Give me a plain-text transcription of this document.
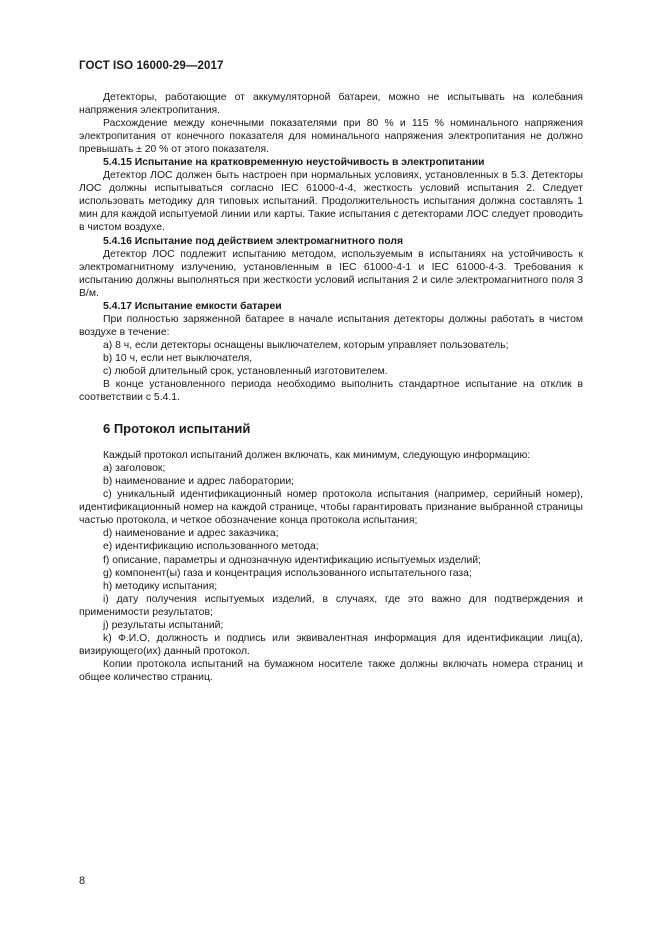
ГОСТ ISO 16000-29—2017

Детекторы, работающие от аккумуляторной батареи, можно не испытывать на колебания напряжения электропитания.

Расхождение между конечными показателями при 80 % и 115 % номинального напряжения электропитания от конечного показателя для номинального напряжения электропитания не должно превышать ± 20 % от этого показателя.

5.4.15 Испытание на кратковременную неустойчивость в электропитании

Детектор ЛОС должен быть настроен при нормальных условиях, установленных в 5.3. Детекторы ЛОС должны испытываться согласно IEC 61000-4-4, жесткость условий испытания 2. Следует использовать методику для типовых испытаний. Продолжительность испытания должна составлять 1 мин для каждой испытуемой линии или карты. Такие испытания с детекторами ЛОС следует проводить в чистом воздухе.

5.4.16 Испытание под действием электромагнитного поля

Детектор ЛОС подлежит испытанию методом, используемым в испытаниях на устойчивость к электромагнитному излучению, установленным в IEC 61000-4-1 и IEC 61000-4-3. Требования к испытанию должны выполняться при жесткости условий испытания 2 и силе электромагнитного поля 3 В/м.

5.4.17 Испытание емкости батареи

При полностью заряженной батарее в начале испытания детекторы должны работать в чистом воздухе в течение:

a) 8 ч, если детекторы оснащены выключателем, которым управляет пользователь;

b) 10 ч, если нет выключателя,

c) любой длительный срок, установленный изготовителем.

В конце установленного периода необходимо выполнить стандартное испытание на отклик в соответствии с 5.4.1.

6 Протокол испытаний

Каждый протокол испытаний должен включать, как минимум, следующую информацию:

a) заголовок;

b) наименование и адрес лаборатории;

c) уникальный идентификационный номер протокола испытания (например, серийный номер), идентификационный номер на каждой странице, чтобы гарантировать признание выбранной страницы частью протокола, и четкое обозначение конца протокола испытания;

d) наименование и адрес заказчика;

e) идентификацию использованного метода;

f) описание, параметры и однозначную идентификацию испытуемых изделий;

g) компонент(ы) газа и концентрация использованного испытательного газа;

h) методику испытания;

i) дату получения испытуемых изделий, в случаях, где это важно для подтверждения и применимости результатов;

j) результаты испытаний;

k) Ф.И.О, должность и подпись или эквивалентная информация для идентификации лиц(а), визирующего(их) данный протокол.

Копии протокола испытаний на бумажном носителе также должны включать номера страниц и общее количество страниц.

8
